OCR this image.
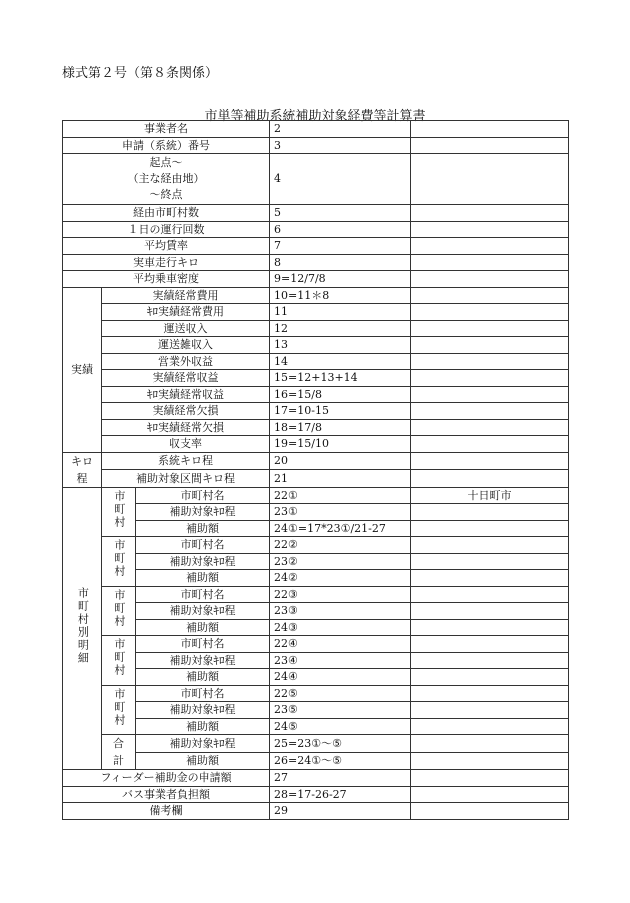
様式第２号（第８条関係）
市単等補助系統補助対象経費等計算書
事業者名			2	
申請（系統）番号			3	

起点～
（主な経由地）
～終点			4	
経由市町村数			5	
１日の運行回数			6	
平均賃率			7	
実車走行キロ			8	
平均乗車密度			9=12/7/8	
実績	実績経常費用		10=11＊8	
	ｷﾛ実績経常費用		11	
	運送収入		12	
	運送雑収入		13	
	営業外収益		14	
	実績経常収益		15=12+13+14	
	ｷﾛ実績経常収益		16=15/8	
	実績経常欠損		17=10-15	
	ｷﾛ実績経常欠損		18=17/8	
	収支率		19=15/10	

キロ
程	系統キロ程		20	
	補助対象区間キロ程		21	
市町村別明細	市町村	市町村名	22①	十日町市
		補助対象ｷﾛ程	23①	
		補助額	24①=17*23①/21-27	
	市町村	市町村名	22②	
		補助対象ｷﾛ程	23②	
		補助額	24②	
	市町村	市町村名	22③	
		補助対象ｷﾛ程	23③	
		補助額	24③	
	市町村	市町村名	22④	
		補助対象ｷﾛ程	23④	
		補助額	24④	
	市町村	市町村名	22⑤	
		補助対象ｷﾛ程	23⑤	
		補助額	24⑤	

	合
計	補助対象ｷﾛ程	25=23①～⑤	
		補助額	26=24①～⑤	
フィーダー補助金の申請額			27	
バス事業者負担額			28=17-26-27	
備考欄			29	
